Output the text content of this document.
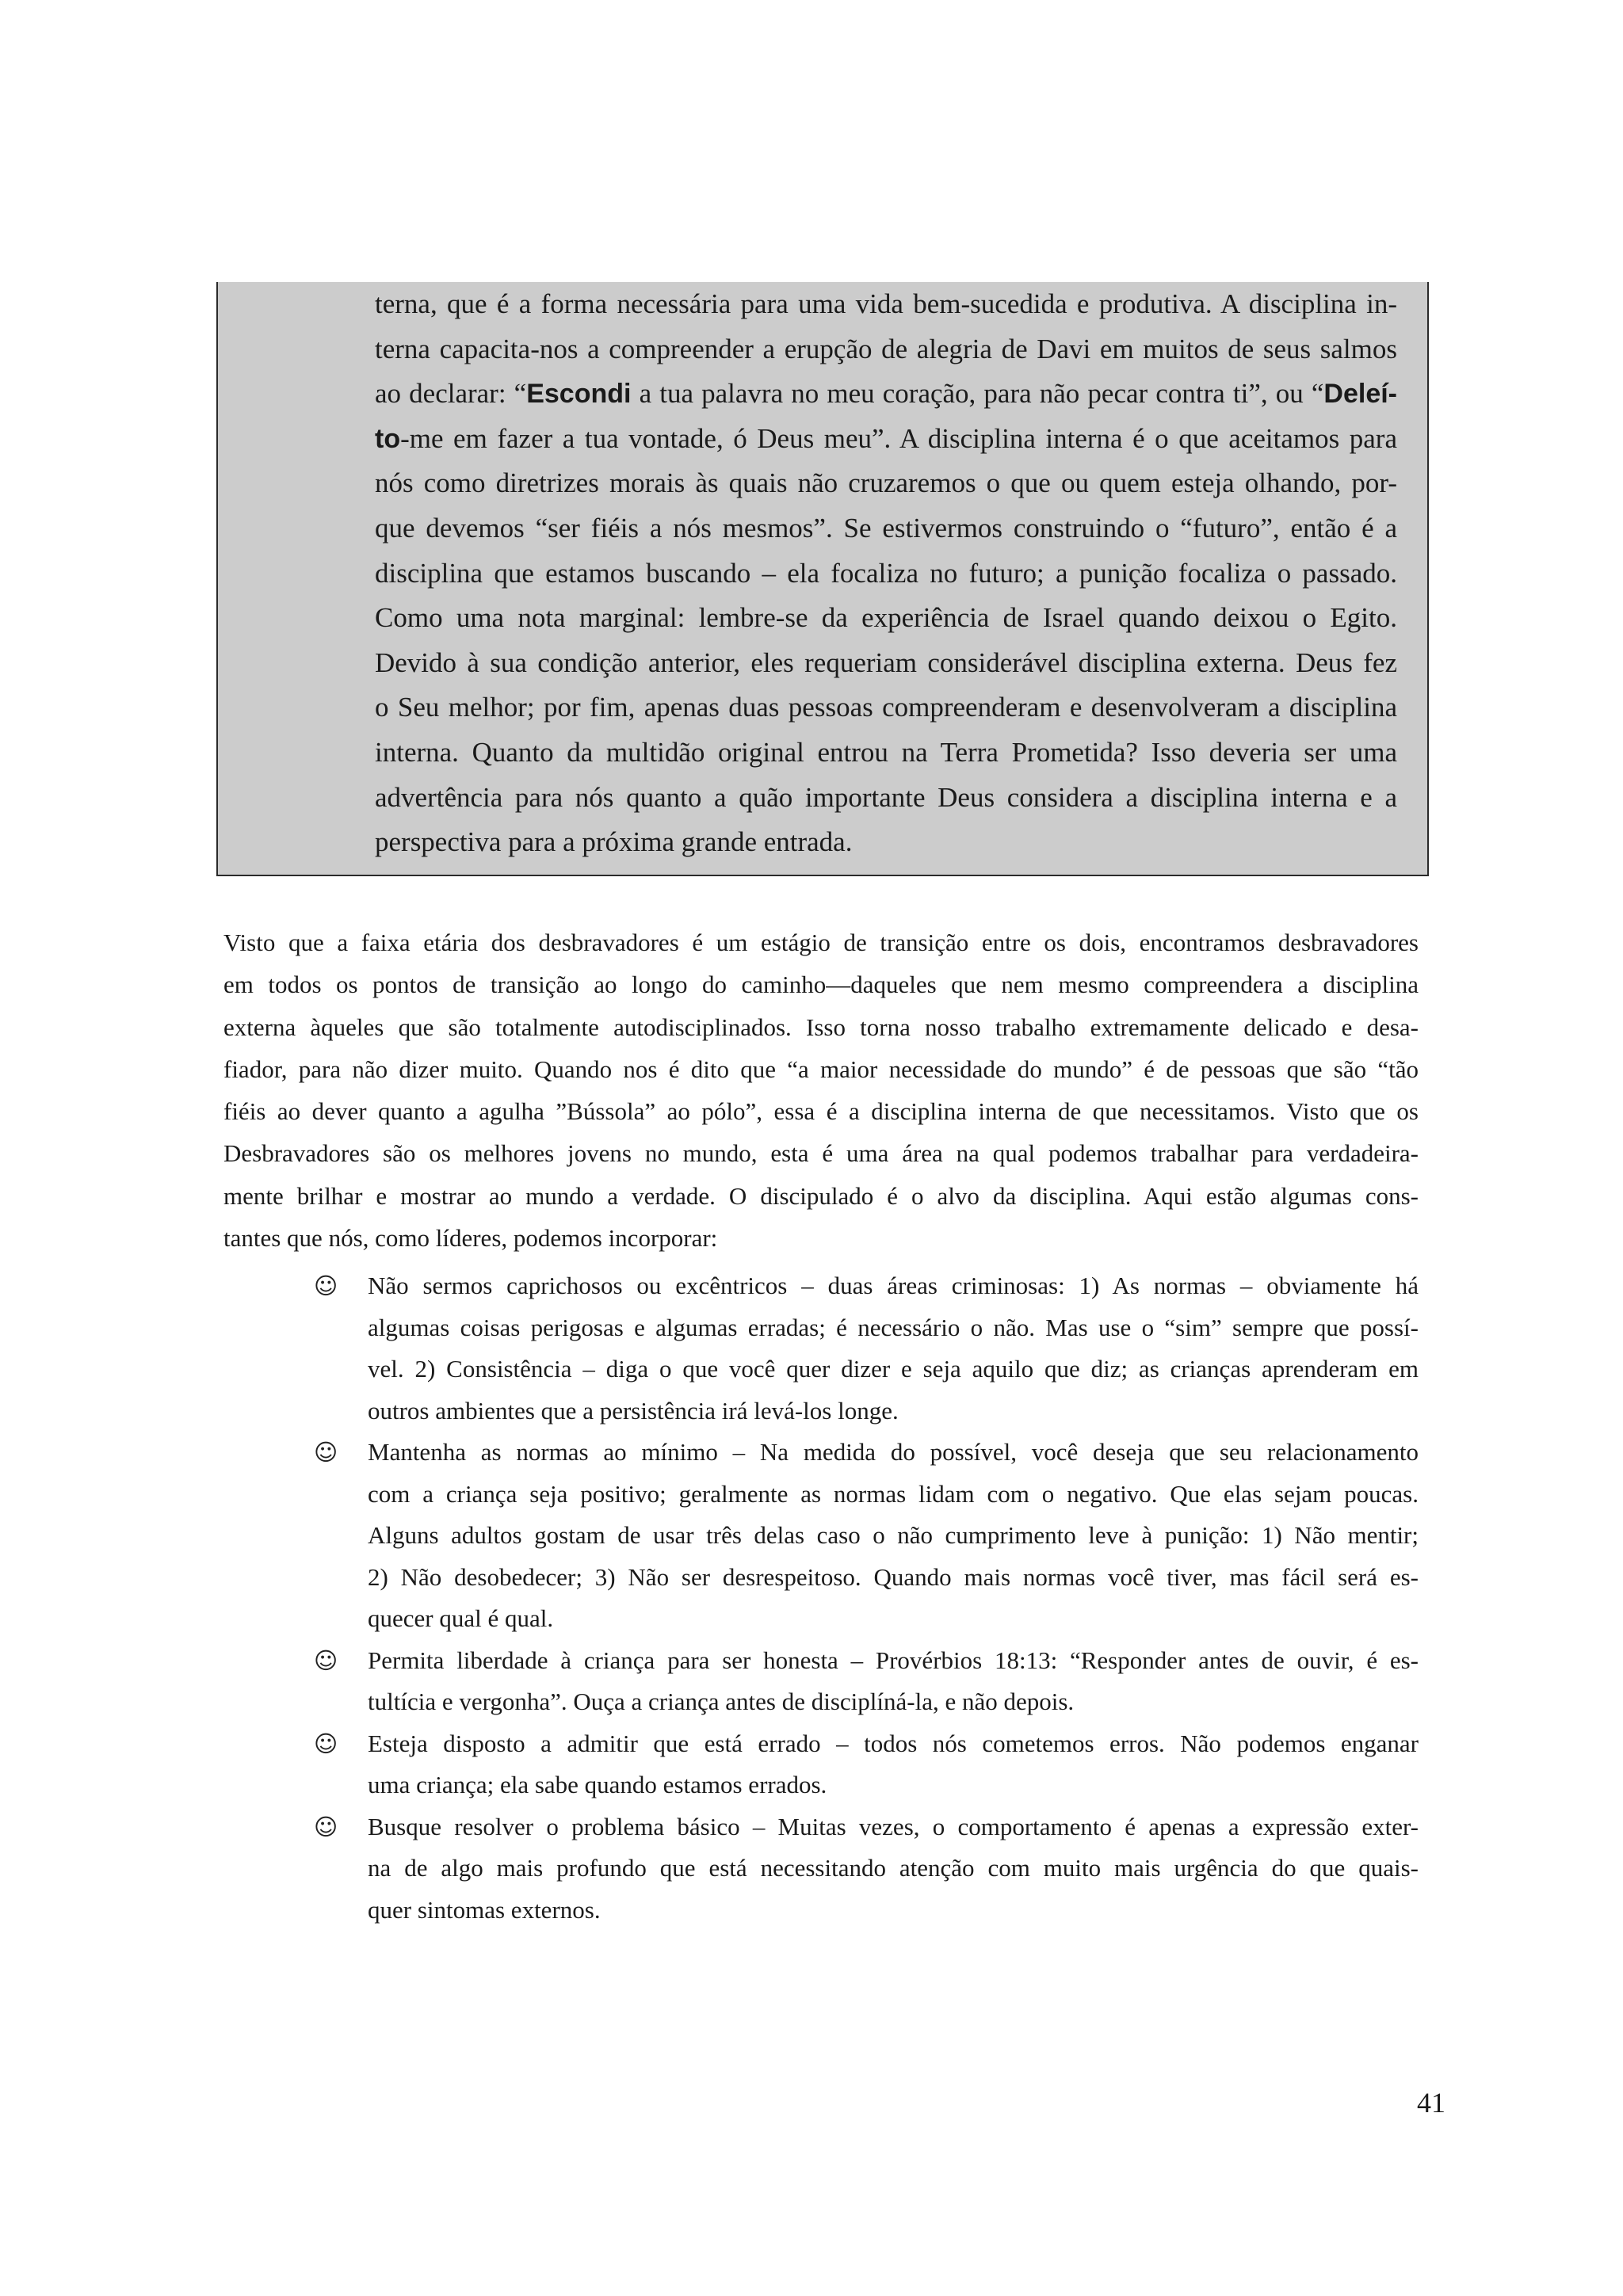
terna, que é a forma necessária para uma vida bem-sucedida e produtiva. A disciplina in-
terna capacita-nos a compreender a erupção de alegria de Davi em muitos de seus salmos
ao declarar: “Escondi a tua palavra no meu coração, para não pecar contra ti”, ou “Deleí-
to-me em fazer a tua vontade, ó Deus meu”. A disciplina interna é o que aceitamos para
nós como diretrizes morais às quais não cruzaremos o que ou quem esteja olhando, por-
que devemos “ser fiéis a nós mesmos”. Se estivermos construindo o “futuro”, então é a
disciplina que estamos buscando – ela focaliza no futuro; a punição focaliza o passado.
Como uma nota marginal: lembre-se da experiência de Israel quando deixou o Egito.
Devido à sua condição anterior, eles requeriam considerável disciplina externa. Deus fez
o Seu melhor; por fim, apenas duas pessoas compreenderam e desenvolveram a disciplina
interna. Quanto da multidão original entrou na Terra Prometida? Isso deveria ser uma
advertência para nós quanto a quão importante Deus considera a disciplina interna e a
perspectiva para a próxima grande entrada.
Visto que a faixa etária dos desbravadores é um estágio de transição entre os dois, encontramos desbravadores
em todos os pontos de transição ao longo do caminho—daqueles que nem mesmo compreendera a disciplina
externa àqueles que são totalmente autodisciplinados. Isso torna nosso trabalho extremamente delicado e desa-
fiador, para não dizer muito. Quando nos é dito que “a maior necessidade do mundo” é de pessoas que são “tão
fiéis ao dever quanto a agulha ”Bússola” ao pólo”, essa é a disciplina interna de que necessitamos. Visto que os
Desbravadores são os melhores jovens no mundo, esta é uma área na qual podemos trabalhar para verdadeira-
mente brilhar e mostrar ao mundo a verdade. O discipulado é o alvo da disciplina. Aqui estão algumas cons-
tantes que nós, como líderes, podemos incorporar:
☺ Não sermos caprichosos ou excêntricos – duas áreas criminosas: 1) As normas – obviamente há
algumas coisas perigosas e algumas erradas; é necessário o não. Mas use o “sim” sempre que possí-
vel. 2) Consistência – diga o que você quer dizer e seja aquilo que diz; as crianças aprenderam em
outros ambientes que a persistência irá levá-los longe.
☺ Mantenha as normas ao mínimo – Na medida do possível, você deseja que seu relacionamento
com a criança seja positivo; geralmente as normas lidam com o negativo. Que elas sejam poucas.
Alguns adultos gostam de usar três delas caso o não cumprimento leve à punição: 1) Não mentir;
2) Não desobedecer; 3) Não ser desrespeitoso. Quando mais normas você tiver, mas fácil será es-
quecer qual é qual.
☺ Permita liberdade à criança para ser honesta – Provérbios 18:13: “Responder antes de ouvir, é es-
tultícia e vergonha”. Ouça a criança antes de disciplíná-la, e não depois.
☺ Esteja disposto a admitir que está errado – todos nós cometemos erros. Não podemos enganar
uma criança; ela sabe quando estamos errados.
☺ Busque resolver o problema básico – Muitas vezes, o comportamento é apenas a expressão exter-
na de algo mais profundo que está necessitando atenção com muito mais urgência do que quais-
quer sintomas externos.
41
